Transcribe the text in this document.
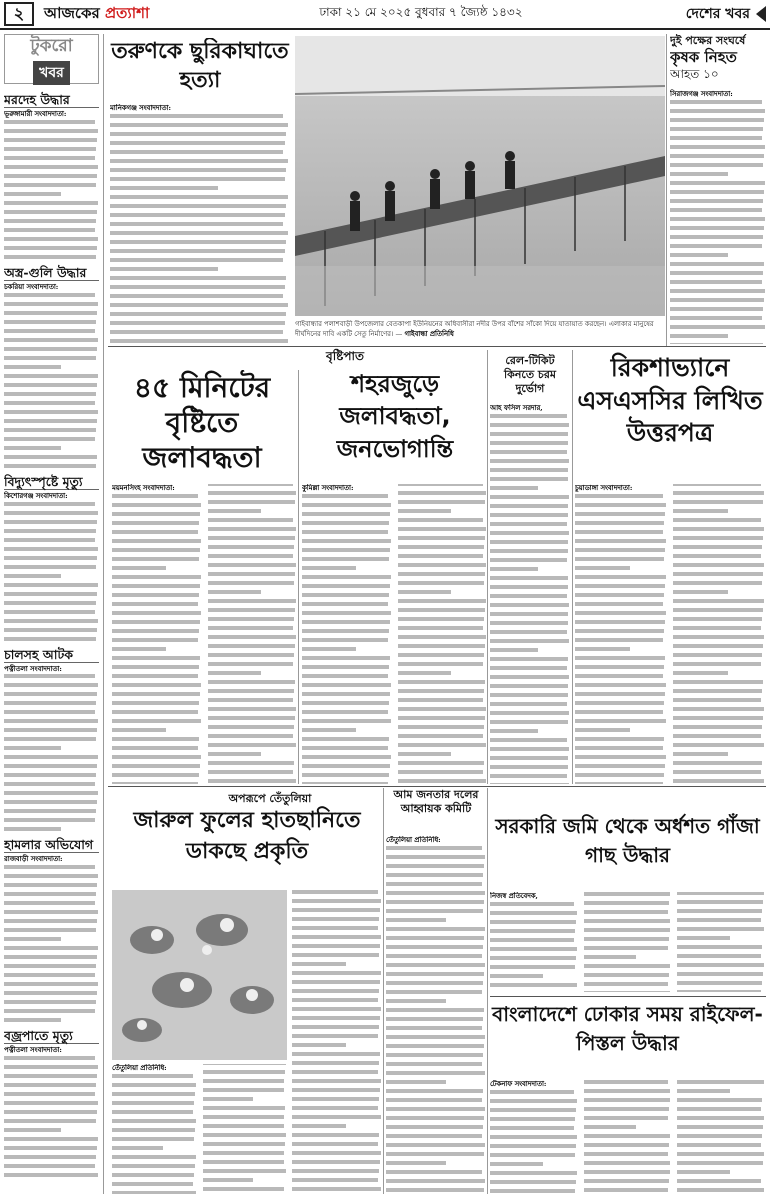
২	আজকের প্রত্যাশা	ঢাকা ২১ মে ২০২৫ বুধবার ৭ জ্যৈষ্ঠ ১৪৩২	দেশের খবর
টুকরো
খবর
মরদেহ উদ্ধার
ভূরুঙ্গামারী সংবাদদাতা:
অস্ত্র-গুলি উদ্ধার
চকরিয়া সংবাদদাতা:
বিদ্যুৎস্পৃষ্টে মৃত্যু
কিশোরগঞ্জ সংবাদদাতা:
চালসহ আটক
পত্নীতলা সংবাদদাতা:
হামলার অভিযোগ
রাজবাড়ী সংবাদদাতা:
বজ্রপাতে মৃত্যু
পত্নীতলা সংবাদদাতা:
তরুণকে ছুরিকাঘাতে হত্যা
মানিকগঞ্জ সংবাদদাতা:
গাইবান্ধার পলাশবাড়ী উপজেলার বেতকাপা ইউনিয়নের অধিবাসীরা নদীর উপর বাঁশের সাঁকো দিয়ে যাতায়াত করছেন। এলাকার মানুষের দীর্ঘদিনের দাবি একটি সেতু নির্মাণের। — গাইবান্ধা প্রতিনিধি
দুই পক্ষের সংঘর্ষে
কৃষক নিহত
আহত ১০
সিরাজগঞ্জ সংবাদদাতা:
বৃষ্টিপাত
৪৫ মিনিটের বৃষ্টিতে জলাবদ্ধতা
শহরজুড়ে জলাবদ্ধতা, জনভোগান্তি
ময়মনসিংহ সংবাদদাতা:	কুমিল্লা সংবাদদাতা:
রেল-টিকিট কিনতে চরম দুর্ভোগ
আহ ফসিল সরদার,
রিকশাভ্যানে এসএসসির লিখিত উত্তরপত্র
চুয়াডাঙ্গা সংবাদদাতা:
অপরূপে তেঁতুলিয়া
জারুল ফুলের হাতছানিতে ডাকছে প্রকৃতি
তেঁতুলিয়া প্রতিনিধি:
আম জনতার দলের আহ্বায়ক কমিটি
তেঁতুলিয়া প্রতিনিধি:
সরকারি জমি থেকে অর্ধশত গাঁজা গাছ উদ্ধার
নিজস্ব প্রতিবেদক,
বাংলাদেশে ঢোকার সময় রাইফেল-পিস্তল উদ্ধার
টেকনাফ সংবাদদাতা:
